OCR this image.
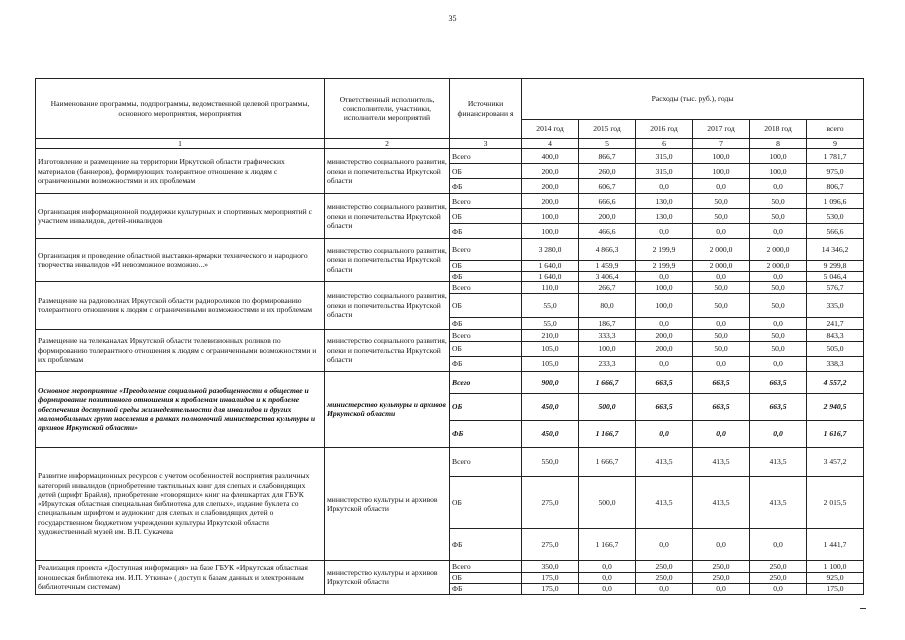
35
Наименование программы, подпрограммы, ведомственной целевой программы, основного мероприятия, мероприятия	Ответственный исполнитель, соисполнители, участники, исполнители мероприятий	Источники финансировани я	Расходы (тыс. руб.), годы					
			2014 год	2015 год	2016 год	2017 год	2018 год	всего
1	2	3	4	5	6	7	8	9
Изготовление и размещение на территории Иркутской области графических материалов (баннеров), формирующих толерантное отношение к людям с ограниченными возможностями и их проблемам	министерство социального развития, опеки и попечительства Иркутской области	Всего	400,0	866,7	315,0	100,0	100,0	1 781,7
		ОБ	200,0	260,0	315,0	100,0	100,0	975,0
		ФБ	200,0	606,7	0,0	0,0	0,0	806,7
Организация информационной поддержки культурных и спортивных мероприятий с участием инвалидов, детей-инвалидов	министерство социального развития, опеки и попечительства Иркутской области	Всего	200,0	666,6	130,0	50,0	50,0	1 096,6
		ОБ	100,0	200,0	130,0	50,0	50,0	530,0
		ФБ	100,0	466,6	0,0	0,0	0,0	566,6
Организация и проведение областной выставки-ярмарки технического и народного творчества инвалидов «И невозможное возможно...»	министерство социального развития, опеки и попечительства Иркутской области	Всего	3 280,0	4 866,3	2 199,9	2 000,0	2 000,0	14 346,2
		ОБ	1 640,0	1 459,9	2 199,9	2 000,0	2 000,0	9 299,8
		ФБ	1 640,0	3 406,4	0,0	0,0	0,0	5 046,4
Размещение на радиоволнах Иркутской области радиороликов по формированию толерантного отношения к людям с ограниченными возможностями и их проблемам	министерство социального развития, опеки и попечительства Иркутской области	Всего	110,0	266,7	100,0	50,0	50,0	576,7
		ОБ	55,0	80,0	100,0	50,0	50,0	335,0
		ФБ	55,0	186,7	0,0	0,0	0,0	241,7
Размещение на телеканалах Иркутской области телевизионных роликов по формированию толерантного отношения к людям с ограниченными возможностями и их проблемам	министерство социального развития, опеки и попечительства Иркутской области	Всего	210,0	333,3	200,0	50,0	50,0	843,3
		ОБ	105,0	100,0	200,0	50,0	50,0	505,0
		ФБ	105,0	233,3	0,0	0,0	0,0	338,3
Основное мероприятие «Преодоление социальной разобщенности в обществе и формирование позитивного отношения к проблемам инвалидов и к проблеме обеспечения доступной среды жизнедеятельности для инвалидов и других маломобильных групп населения в рамках полномочий министерства культуры и архивов Иркутской области»	министерство культуры и архивов Иркутской области	Всего	900,0	1 666,7	663,5	663,5	663,5	4 557,2
		ОБ	450,0	500,0	663,5	663,5	663,5	2 940,5
		ФБ	450,0	1 166,7	0,0	0,0	0,0	1 616,7
Развитие информационных ресурсов с учетом особенностей восприятия различных категорий инвалидов (приобретение тактильных книг для слепых и слабовидящих детей (шрифт Брайля), приобретение «говорящих» книг на флешкартах для ГБУК «Иркутская областная специальная библиотека для слепых», издание буклета со специальным шрифтом и аудиокниг для слепых и слабовидящих детей о государственном бюджетном учреждении культуры Иркутской области художественный музей им. В.П. Сукачева	министерство культуры и архивов Иркутской области	Всего	550,0	1 666,7	413,5	413,5	413,5	3 457,2
		ОБ	275,0	500,0	413,5	413,5	413,5	2 015,5
		ФБ	275,0	1 166,7	0,0	0,0	0,0	1 441,7
Реализация проекта «Доступная информация» на базе ГБУК «Иркутская областная юношеская библиотека им. И.П. Уткина» ( доступ к базам данных и электронным библиотечным системам)	министерство культуры и архивов Иркутской области	Всего	350,0	0,0	250,0	250,0	250,0	1 100,0
		ОБ	175,0	0,0	250,0	250,0	250,0	925,0
		ФБ	175,0	0,0	0,0	0,0	0,0	175,0
